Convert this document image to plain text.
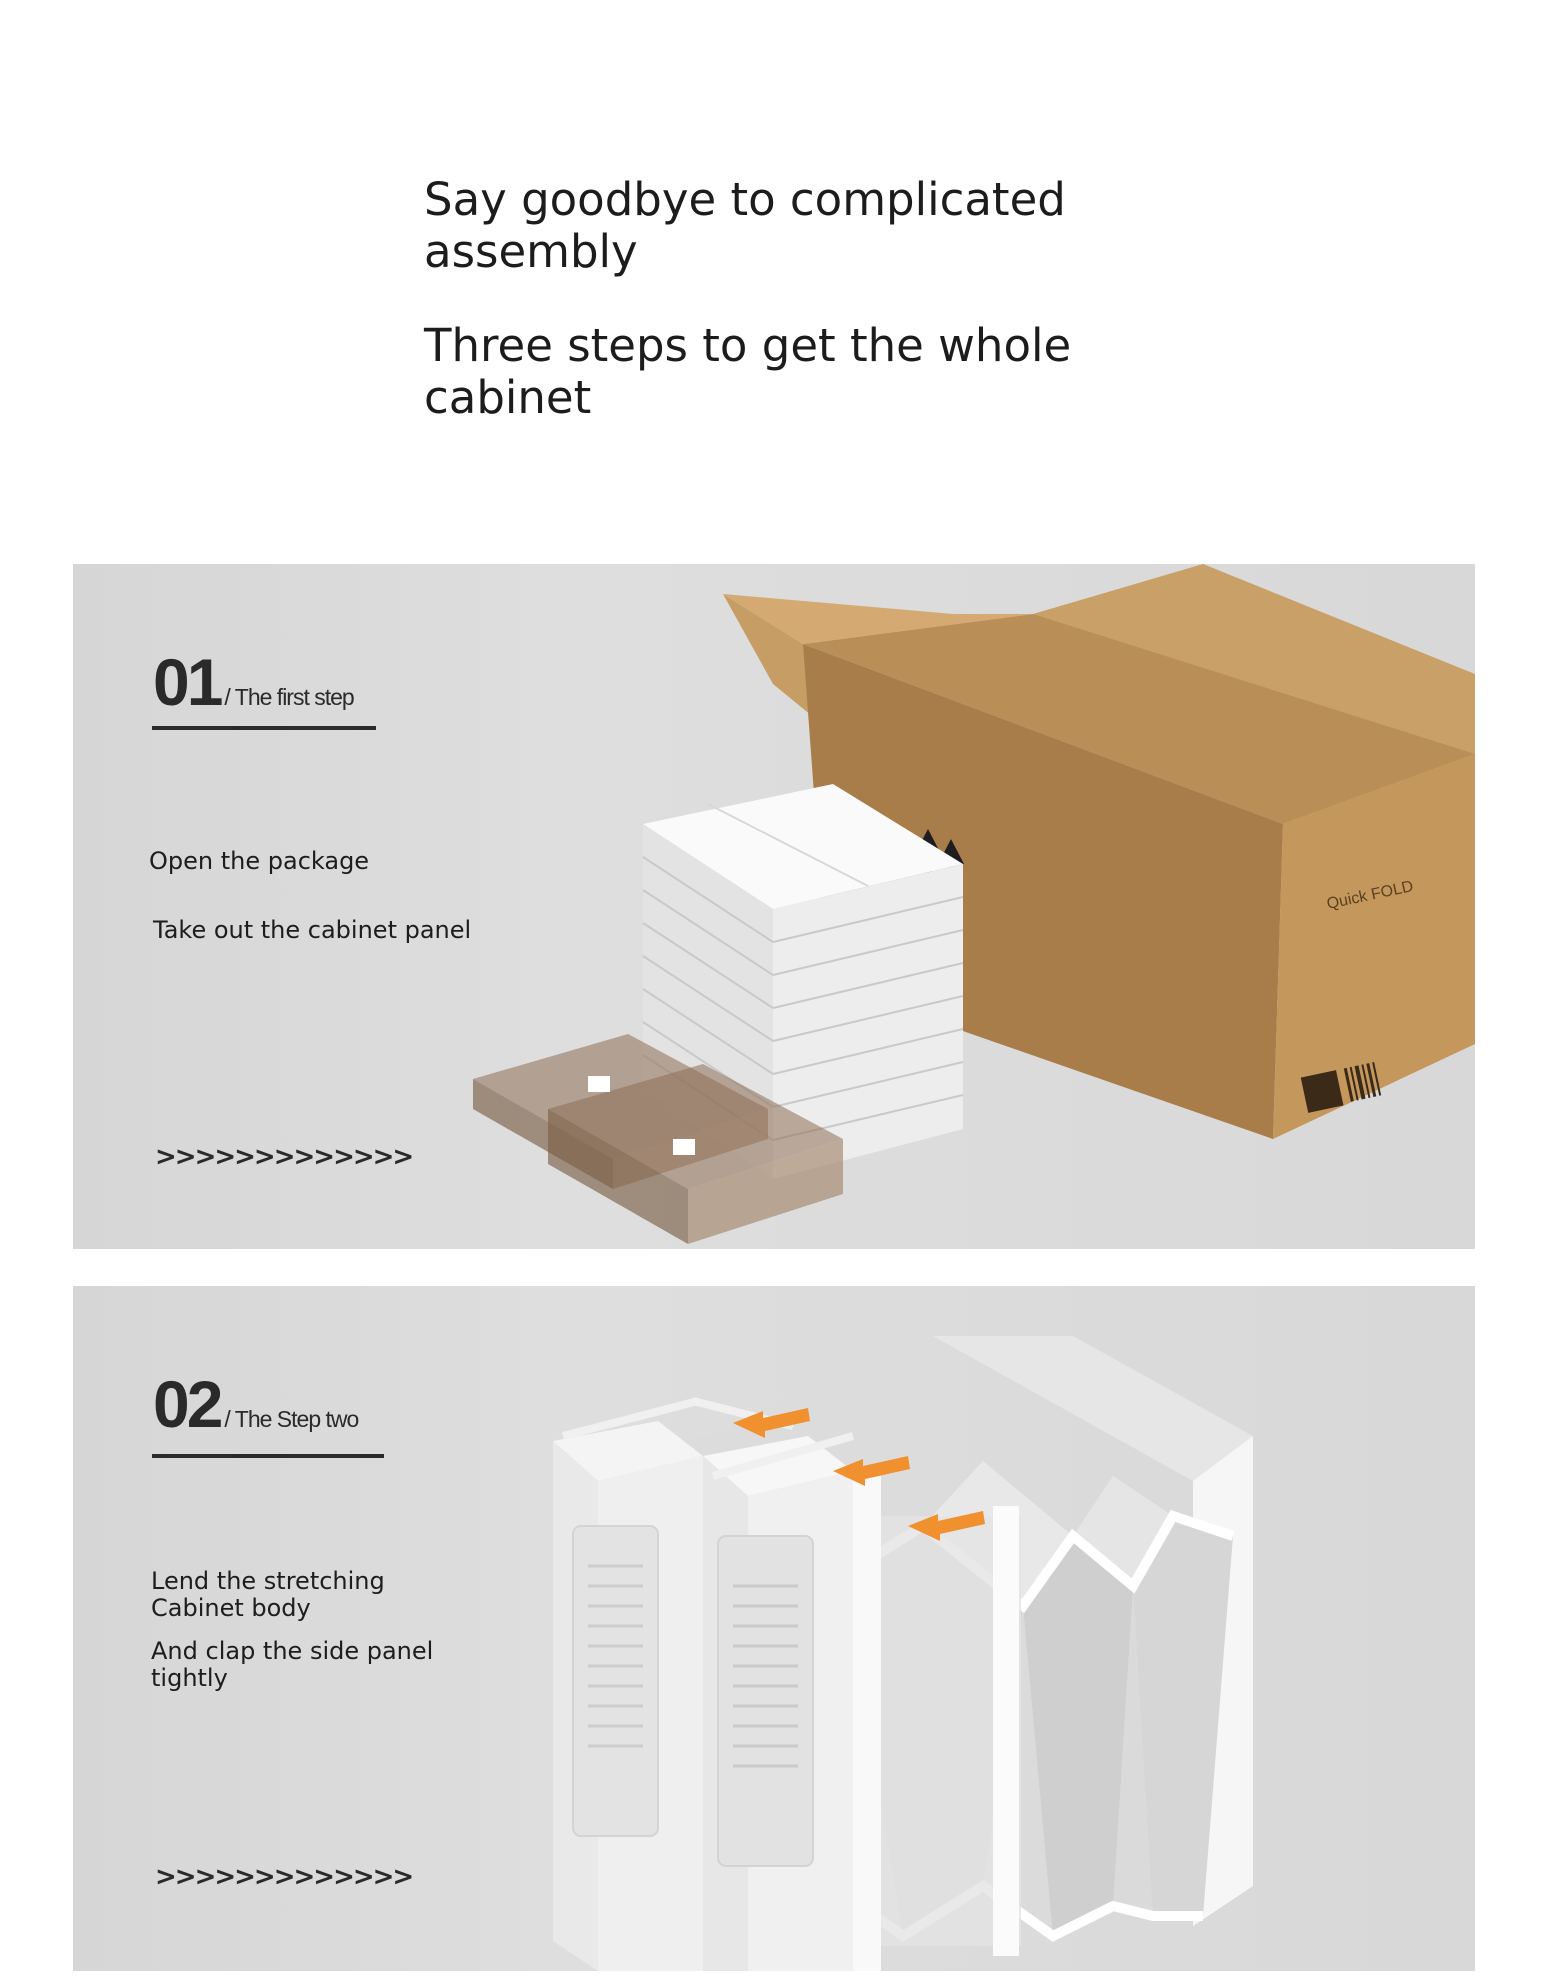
Say goodbye to complicated assembly
Three steps to get the whole cabinet
01 / The first step
Open the package
Take out the cabinet panel
>>>>>>>>>>>>>
Quick FOLD
02 / The Step two
Lend the stretching Cabinet body
And clap the side panel tightly
>>>>>>>>>>>>>
